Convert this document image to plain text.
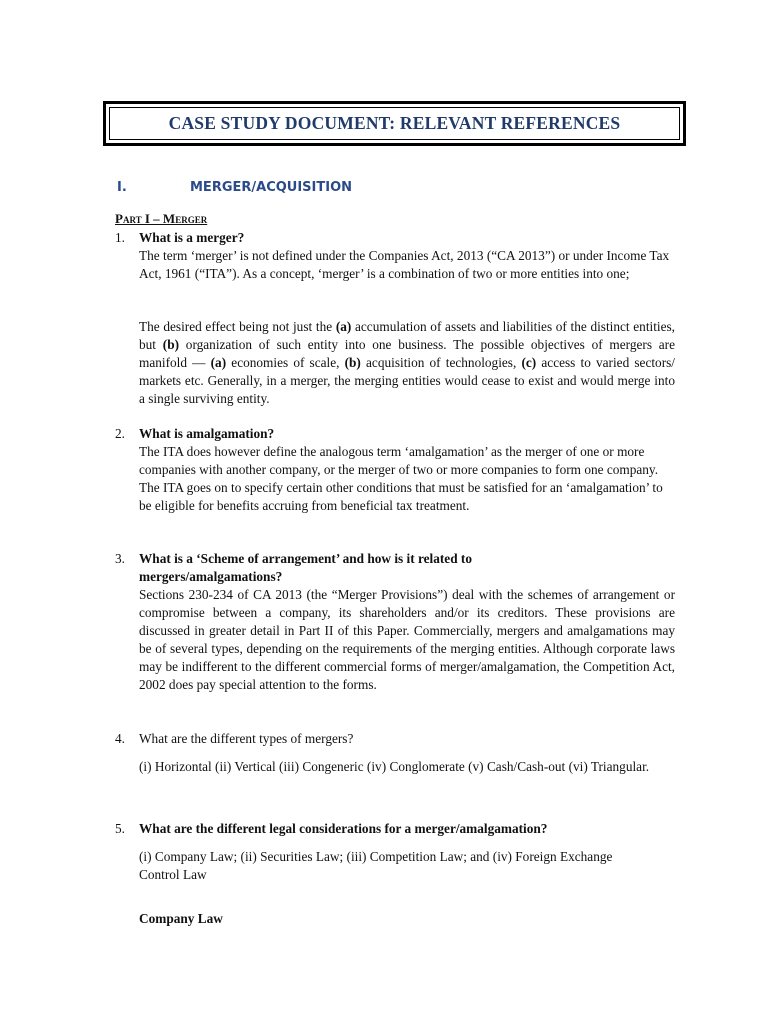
CASE STUDY DOCUMENT: RELEVANT REFERENCES
I.	MERGER/ACQUISITION
Part I – Merger
1. What is a merger?
The term ‘merger’ is not defined under the Companies Act, 2013 (“CA 2013”) or under Income Tax Act, 1961 (“ITA”). As a concept, ‘merger’ is a combination of two or more entities into one;
The desired effect being not just the (a) accumulation of assets and liabilities of the distinct entities, but (b) organization of such entity into one business. The possible objectives of mergers are manifold — (a) economies of scale, (b) acquisition of technologies, (c) access to varied sectors/ markets etc. Generally, in a merger, the merging entities would cease to exist and would merge into a single surviving entity.
2. What is amalgamation?
The ITA does however define the analogous term ‘amalgamation’ as the merger of one or more companies with another company, or the merger of two or more companies to form one company. The ITA goes on to specify certain other conditions that must be satisfied for an ‘amalgamation’ to be eligible for benefits accruing from beneficial tax treatment.
3. What is a ‘Scheme of arrangement’ and how is it related to mergers/amalgamations?
Sections 230-234 of CA 2013 (the “Merger Provisions”) deal with the schemes of arrangement or compromise between a company, its shareholders and/or its creditors. These provisions are discussed in greater detail in Part II of this Paper. Commercially, mergers and amalgamations may be of several types, depending on the requirements of the merging entities. Although corporate laws may be indifferent to the different commercial forms of merger/amalgamation, the Competition Act, 2002 does pay special attention to the forms.
4. What are the different types of mergers?
(i) Horizontal (ii) Vertical (iii) Congeneric (iv) Conglomerate (v) Cash/Cash-out (vi) Triangular.
5. What are the different legal considerations for a merger/amalgamation?
(i) Company Law; (ii) Securities Law; (iii) Competition Law; and (iv) Foreign Exchange Control Law
Company Law
